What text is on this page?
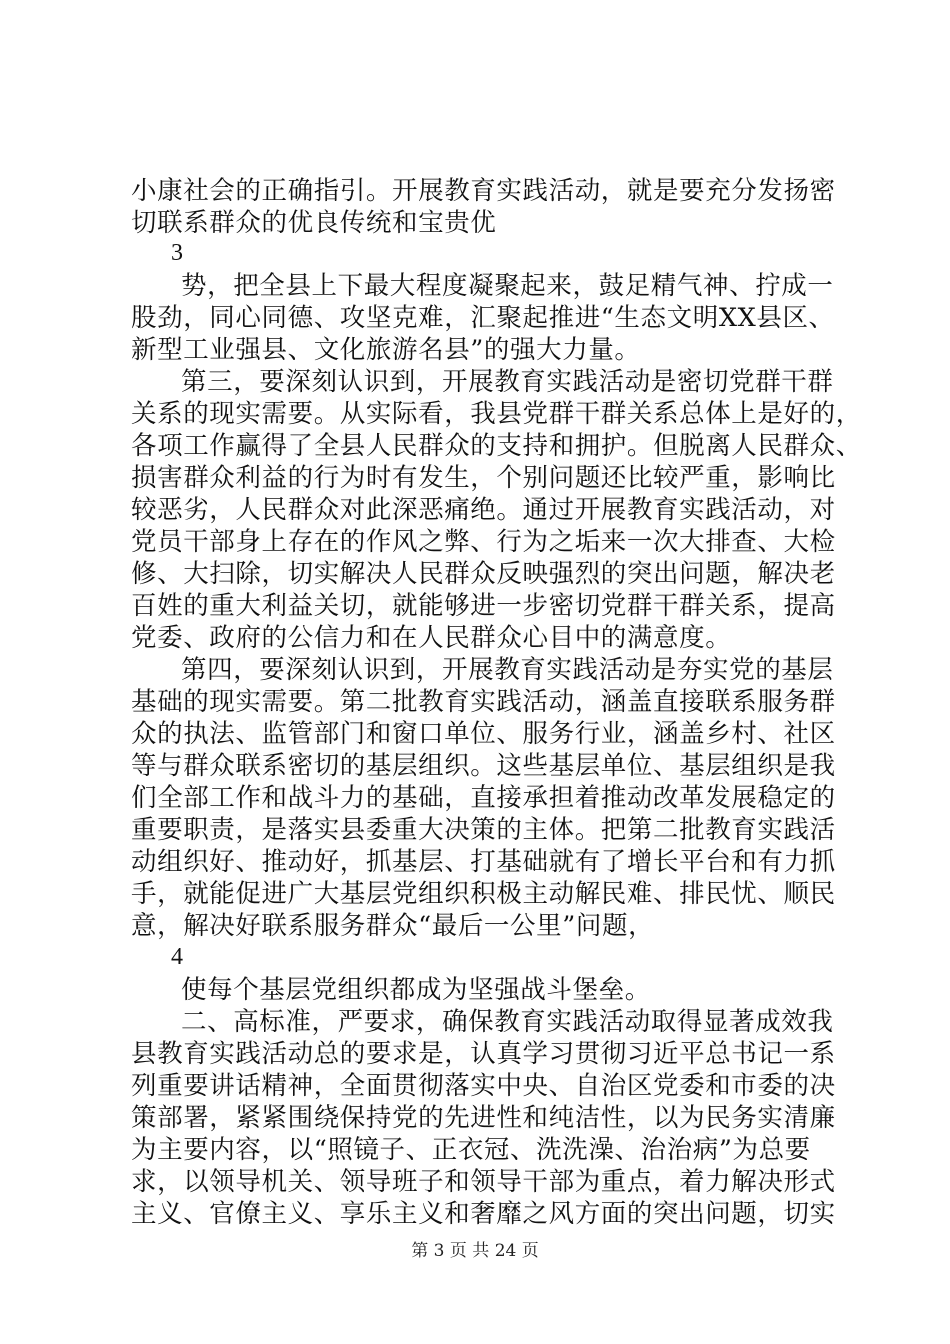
小康社会的正确指引。开展教育实践活动，就是要充分发扬密
切联系群众的优良传统和宝贵优
3
势，把全县上下最大程度凝聚起来，鼓足精气神、拧成一
股劲，同心同德、攻坚克难，汇聚起推进“生态文明XX县区、
新型工业强县、文化旅游名县”的强大力量。
第三，要深刻认识到，开展教育实践活动是密切党群干群
关系的现实需要。从实际看，我县党群干群关系总体上是好的，
各项工作赢得了全县人民群众的支持和拥护。但脱离人民群众、
损害群众利益的行为时有发生，个别问题还比较严重，影响比
较恶劣，人民群众对此深恶痛绝。通过开展教育实践活动，对
党员干部身上存在的作风之弊、行为之垢来一次大排查、大检
修、大扫除，切实解决人民群众反映强烈的突出问题，解决老
百姓的重大利益关切，就能够进一步密切党群干群关系，提高
党委、政府的公信力和在人民群众心目中的满意度。
第四，要深刻认识到，开展教育实践活动是夯实党的基层
基础的现实需要。第二批教育实践活动，涵盖直接联系服务群
众的执法、监管部门和窗口单位、服务行业，涵盖乡村、社区
等与群众联系密切的基层组织。这些基层单位、基层组织是我
们全部工作和战斗力的基础，直接承担着推动改革发展稳定的
重要职责，是落实县委重大决策的主体。把第二批教育实践活
动组织好、推动好，抓基层、打基础就有了增长平台和有力抓
手，就能促进广大基层党组织积极主动解民难、排民忧、顺民
意，解决好联系服务群众“最后一公里”问题，
4
使每个基层党组织都成为坚强战斗堡垒。
二、高标准，严要求，确保教育实践活动取得显著成效我
县教育实践活动总的要求是，认真学习贯彻习近平总书记一系
列重要讲话精神，全面贯彻落实中央、自治区党委和市委的决
策部署，紧紧围绕保持党的先进性和纯洁性，以为民务实清廉
为主要内容，以“照镜子、正衣冠、洗洗澡、治治病”为总要
求，以领导机关、领导班子和领导干部为重点，着力解决形式
主义、官僚主义、享乐主义和奢靡之风方面的突出问题，切实
第 3 页 共 24 页
